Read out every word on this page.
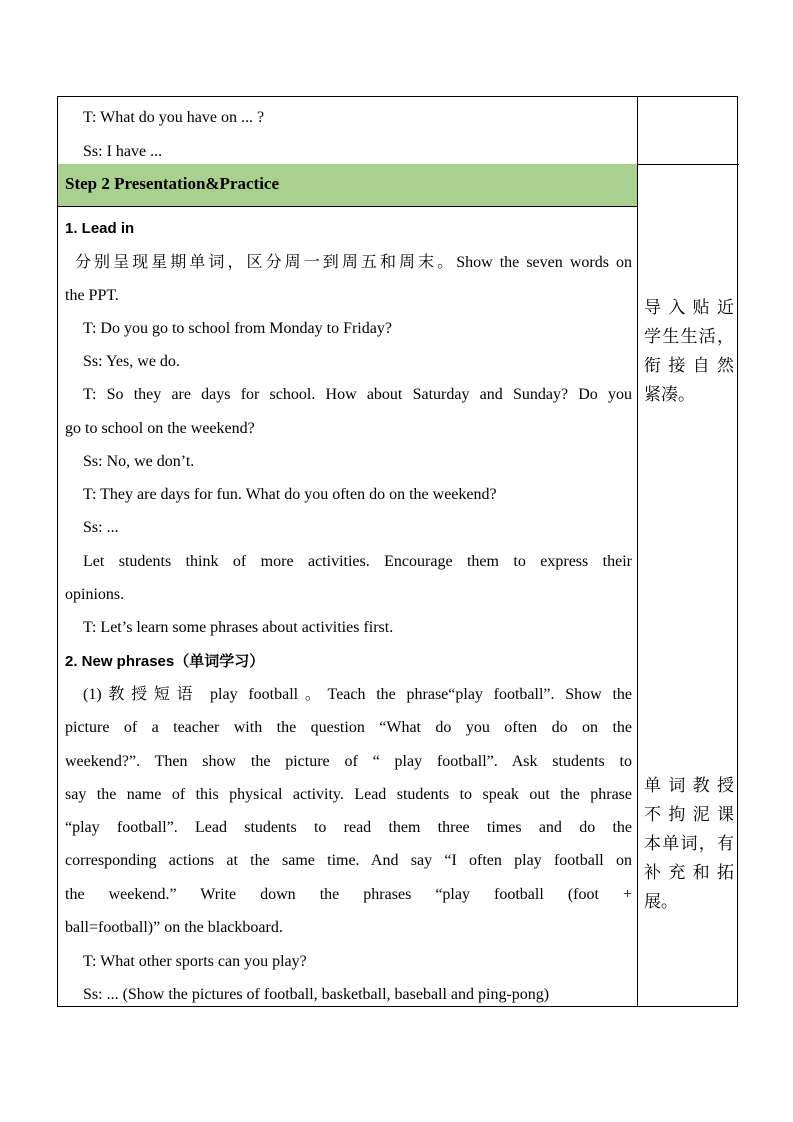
Step 2 Presentation&Practice
T: What do you have on ... ?
Ss: I have ...
1. Lead in
分别呈现星期单词，区分周一到周五和周末。Show the seven words on
the PPT.
T: Do you go to school from Monday to Friday?
Ss: Yes, we do.
T: So they are days for school. How about Saturday and Sunday? Do you
go to school on the weekend?
Ss: No, we don’t.
T: They are days for fun. What do you often do on the weekend?
Ss: ...
Let students think of more activities. Encourage them to express their
opinions.
T: Let’s learn some phrases about activities first.
2. New phrases（单词学习）
(1)教授短语 play football。Teach the phrase“play football”. Show the
picture of a teacher with the question “What do you often do on the
weekend?”. Then show the picture of “ play football”. Ask students to
say the name of this physical activity. Lead students to speak out the phrase
“play football”. Lead students to read them three times and do the
corresponding actions at the same time. And say “I often play football on
the weekend.” Write down the phrases “play football (foot +
ball=football)” on the blackboard.
T: What other sports can you play?
Ss: ... (Show the pictures of football, basketball, baseball and ping-pong)
导入贴近
学生生活，
衔接自然
紧凑。
单词教授
不拘泥课
本单词，有
补充和拓
展。
